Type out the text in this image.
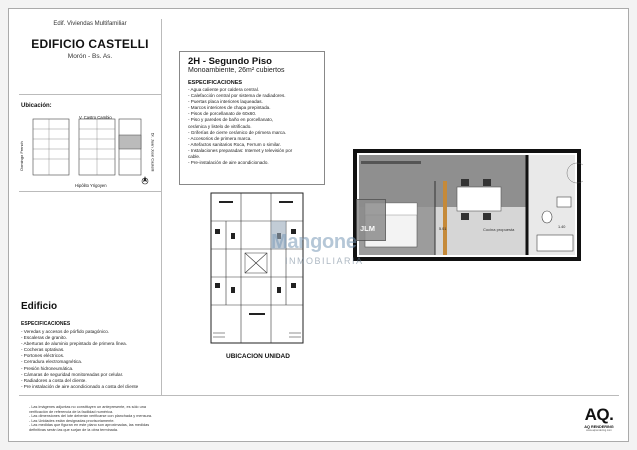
Edif. Viviendas Multifamiliar
EDIFICIO CASTELLI
Morón - Bs. As.
Ubicación:
V. Castro Cambio
Hipólito Yrigoyen
Domingo French	Dr. Juan José Castelli
Edificio
ESPECIFICACIONES
- Veredas y accesos de pórfido patagónico.
- Escaleras de granito.
- Aberturas de aluminio prepintado de primera línea.
- Cocheras optativas.
- Portones eléctricos.
- Cerradura electromagnética.
- Presión hidroneumática.
- Cámaras de seguridad monitoreadas por celular.
- Radiadores a costa del cliente.
- Pre instalación de aire acondicionado a costa del cliente
2H - Segundo Piso
Monoambiente, 26m² cubiertos
ESPECIFICACIONES
- Agua caliente por caldera central.
- Calefacción central por sistema de radiadores.
- Puertas placa interiores laqueadas.
- Marcos interiores de chapa prepintada.
- Pisos de porcellanato de 60x60.
- Piso y paredes de baño en porcellanato,
cerámica y listelo de vitrificado.
- Griferías de cierre cerámico de primera marca.
- Accesorios de primera marca.
- Artefactos sanitarios Roca, Ferrum o similar.
- Instalaciones preparadas: Internet y televisión por
cable.
- Pre-instalación de aire acondicionado.
UBICACION UNIDAD
Cocina propuesta
5.01	1.40
JLM
Mangone
INMOBILIARIA
- Las imágenes adjuntas no constituyen un antepresente, es sólo una
verificación de referencia de la facilidad numérica.
- Las dimensiones del lote deberán verificarse con planchada y mensura.
- Las Unidades están designadas provisoriamente.
- Las medidas que figuran en este plano son aproximadas, las medidas
definitivas serán las que surjan de la obra terminada.
AQ.
AQ RENDERING
www.aqrendering.com
